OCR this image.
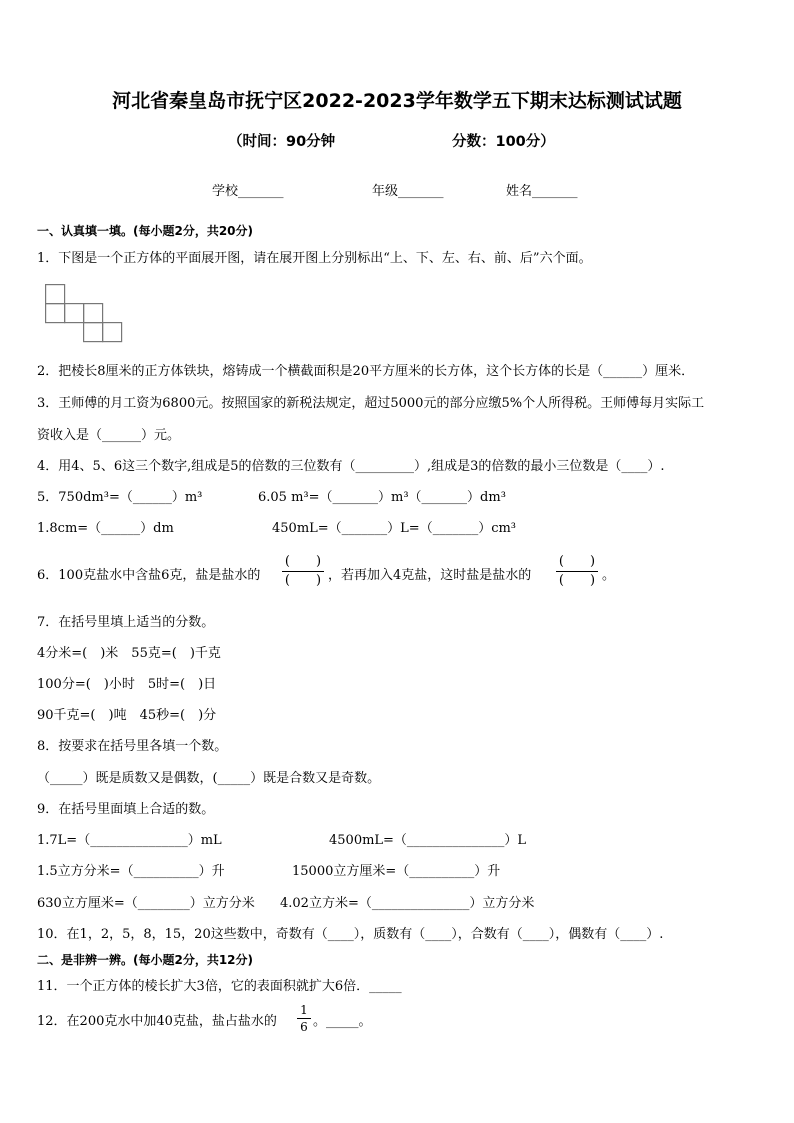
河北省秦皇岛市抚宁区2022-2023学年数学五下期末达标测试试题
（时间：90分钟	分数：100分）
学校_______	年级_______	姓名_______
一、认真填一填。(每小题2分，共20分)
1．下图是一个正方体的平面展开图，请在展开图上分别标出“上、下、左、右、前、后”六个面。
2．把棱长8厘米的正方体铁块，熔铸成一个横截面积是20平方厘米的长方体，这个长方体的长是（______）厘米．
3．王师傅的月工资为6800元。按照国家的新税法规定，超过5000元的部分应缴5%个人所得税。王师傅每月实际工
资收入是（______）元。
4．用4、5、6这三个数字,组成是5的倍数的三位数有（_________）,组成是3的倍数的最小三位数是（____）.
5．750dm³=（______）m³	6.05 m³=（_______）m³（_______）dm³
1.8cm=（______）dm	450mL=（_______）L=（_______）cm³
6．100克盐水中含盐6克，盐是盐水的
(　　)
(　　) ，若再加入4克盐，这时盐是盐水的
(　　)
(　　) 。
7．在括号里填上适当的分数。
4分米=(　)米　55克=(　)千克
100分=(　)小时　5时=(　)日
90千克=(　)吨　45秒=(　)分
8．按要求在括号里各填一个数。
（_____）既是质数又是偶数，(_____）既是合数又是奇数。
9．在括号里面填上合适的数。
1.7L=（_______________）mL	4500mL=（_______________）L
1.5立方分米=（__________）升	15000立方厘米=（__________）升
630立方厘米=（________）立方分米 4.02立方米=（_______________）立方分米
10．在1，2，5，8，15，20这些数中，奇数有（____），质数有（____），合数有（____），偶数有（____）.
二、是非辨一辨。(每小题2分，共12分)
11．一个正方体的棱长扩大3倍，它的表面积就扩大6倍．_____
12．在200克水中加40克盐，盐占盐水的
1
6 。_____。
